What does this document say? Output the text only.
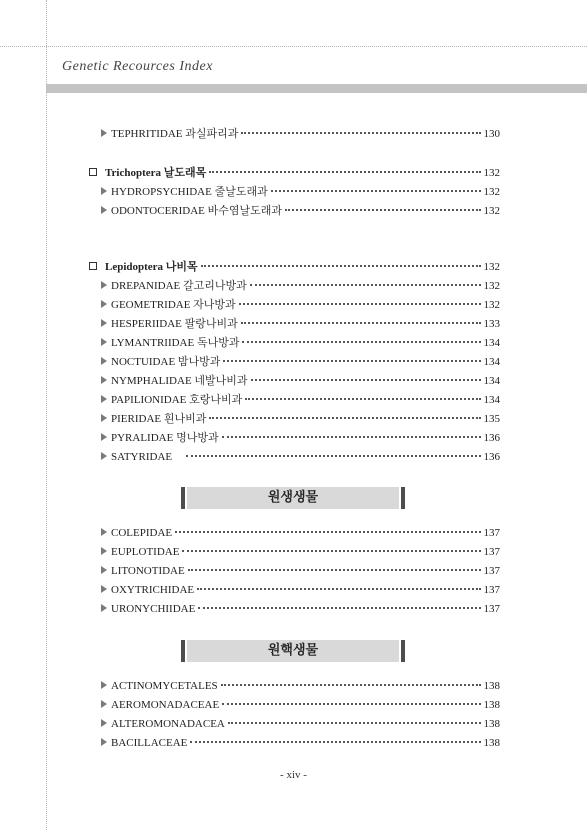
Genetic Recources Index
TEPHRITIDAE 과실파리과	130
Trichoptera 날도래목	132
HYDROPSYCHIDAE 줄날도래과	132
ODONTOCERIDAE 바수염날도래과	132
Lepidoptera 나비목	132
DREPANIDAE 갈고리나방과	132
GEOMETRIDAE 자나방과	132
HESPERIIDAE 팔랑나비과	133
LYMANTRIIDAE 독나방과	134
NOCTUIDAE 밤나방과	134
NYMPHALIDAE 네발나비과	134
PAPILIONIDAE 호랑나비과	134
PIERIDAE 흰나비과	135
PYRALIDAE 명나방과	136
SATYRIDAE	136
원생생물
COLEPIDAE	137
EUPLOTIDAE	137
LITONOTIDAE	137
OXYTRICHIDAE	137
URONYCHIIDAE	137
원핵생물
ACTINOMYCETALES	138
AEROMONADACEAE	138
ALTEROMONADACEA	138
BACILLACEAE	138
- xiv -
